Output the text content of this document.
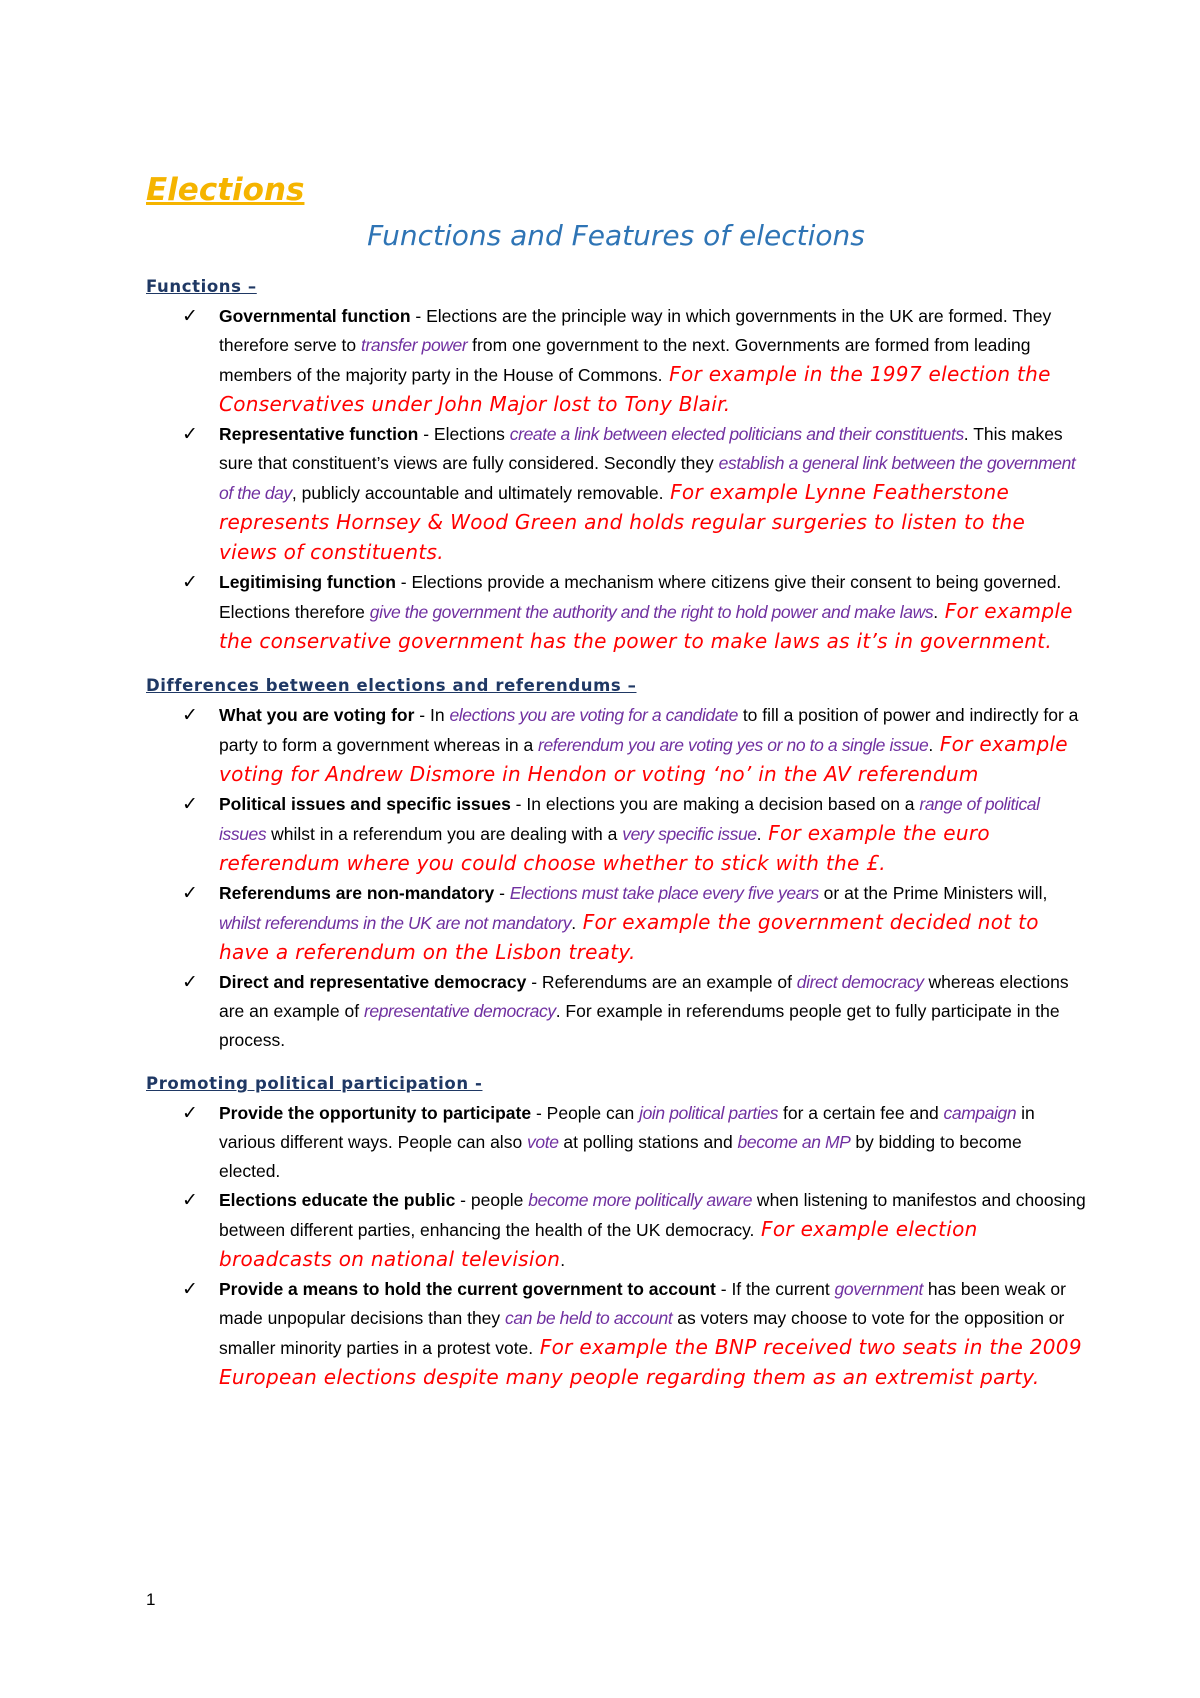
Elections
Functions and Features of elections
Functions –
✓ Governmental function - Elections are the principle way in which governments in the UK are formed. They therefore serve to transfer power from one government to the next. Governments are formed from leading members of the majority party in the House of Commons. For example in the 1997 election the Conservatives under John Major lost to Tony Blair.
✓ Representative function - Elections create a link between elected politicians and their constituents. This makes sure that constituent’s views are fully considered. Secondly they establish a general link between the government of the day, publicly accountable and ultimately removable. For example Lynne Featherstone represents Hornsey & Wood Green and holds regular surgeries to listen to the views of constituents.
✓ Legitimising function - Elections provide a mechanism where citizens give their consent to being governed. Elections therefore give the government the authority and the right to hold power and make laws. For example the conservative government has the power to make laws as it’s in government.
Differences between elections and referendums –
✓ What you are voting for - In elections you are voting for a candidate to fill a position of power and indirectly for a party to form a government whereas in a referendum you are voting yes or no to a single issue. For example voting for Andrew Dismore in Hendon or voting ‘no’ in the AV referendum
✓ Political issues and specific issues - In elections you are making a decision based on a range of political issues whilst in a referendum you are dealing with a very specific issue. For example the euro referendum where you could choose whether to stick with the £.
✓ Referendums are non-mandatory - Elections must take place every five years or at the Prime Ministers will, whilst referendums in the UK are not mandatory. For example the government decided not to have a referendum on the Lisbon treaty.
✓ Direct and representative democracy - Referendums are an example of direct democracy whereas elections are an example of representative democracy. For example in referendums people get to fully participate in the process.
Promoting political participation -
✓ Provide the opportunity to participate - People can join political parties for a certain fee and campaign in various different ways. People can also vote at polling stations and become an MP by bidding to become elected.
✓ Elections educate the public - people become more politically aware when listening to manifestos and choosing between different parties, enhancing the health of the UK democracy. For example election broadcasts on national television.
✓ Provide a means to hold the current government to account - If the current government has been weak or made unpopular decisions than they can be held to account as voters may choose to vote for the opposition or smaller minority parties in a protest vote. For example the BNP received two seats in the 2009 European elections despite many people regarding them as an extremist party.
1
